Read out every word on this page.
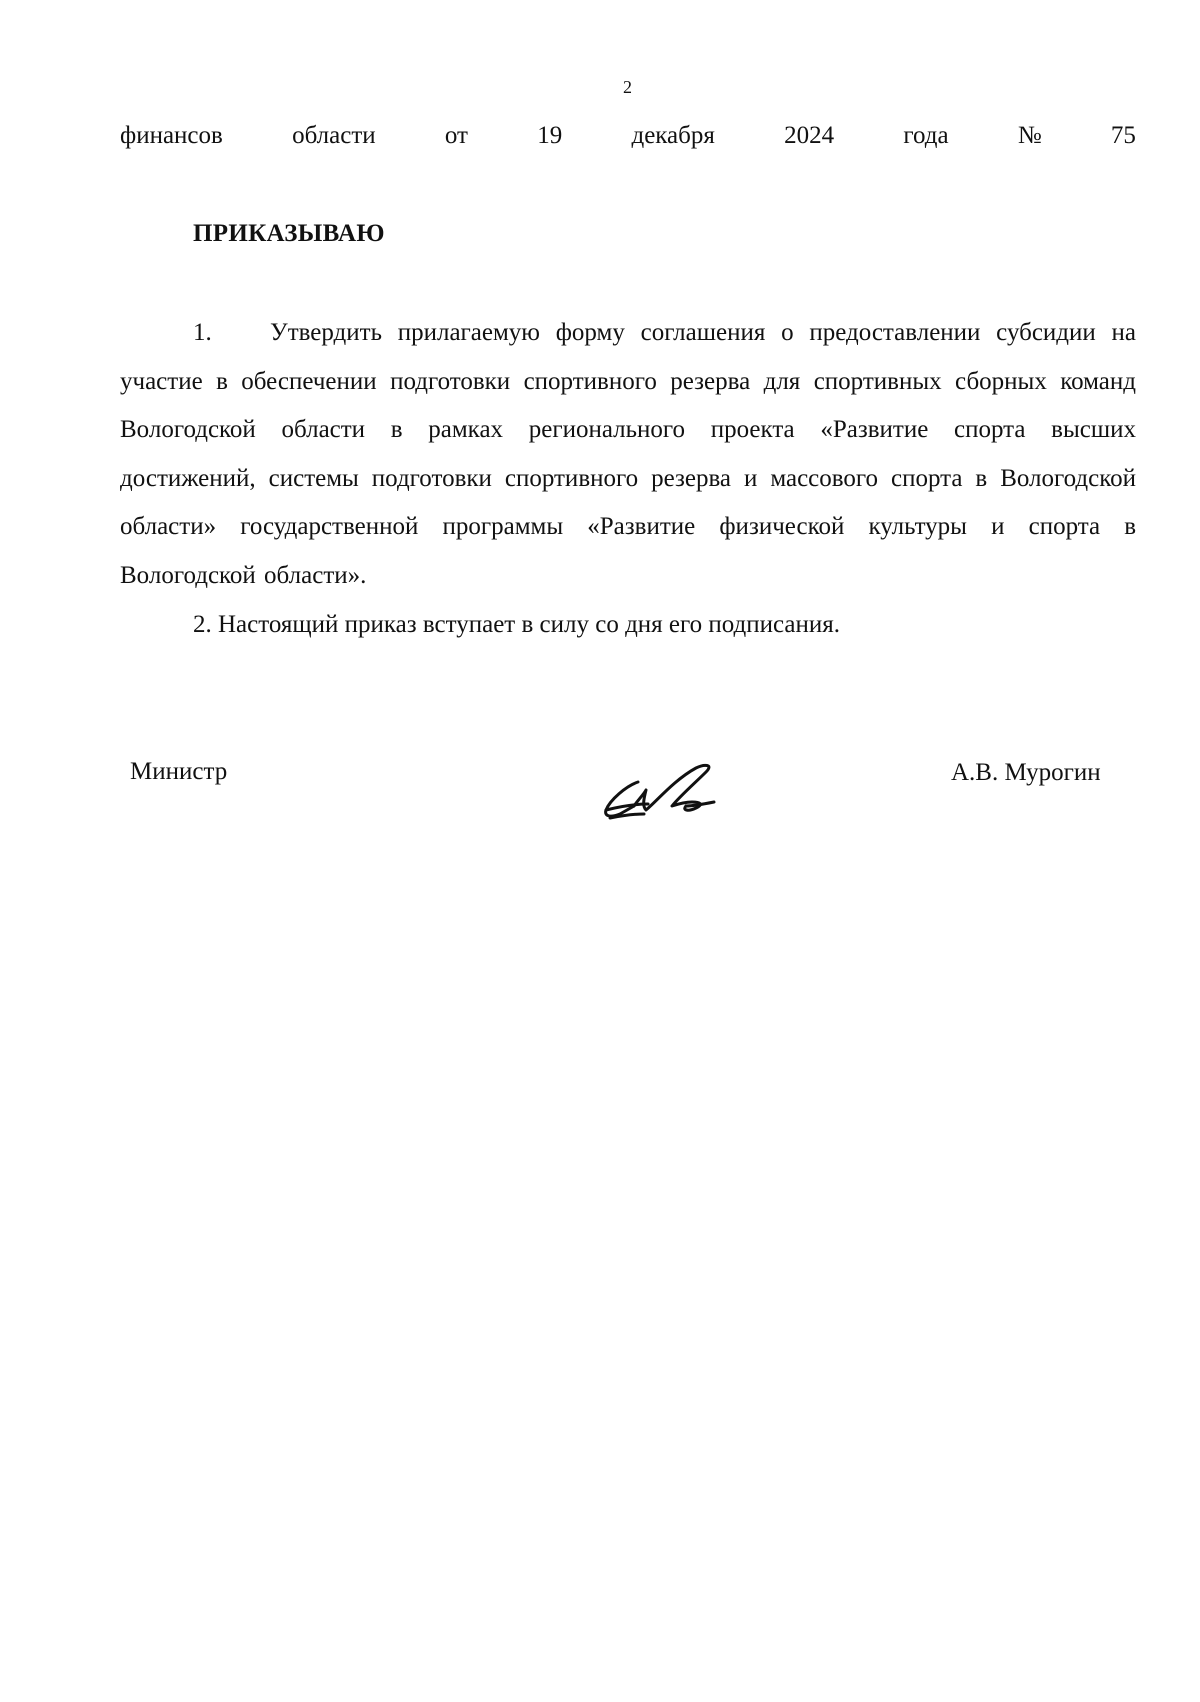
2
финансов	области	от	19	декабря	2024	года	№	75
ПРИКАЗЫВАЮ

1. Утвердить прилагаемую форму соглашения о предоставлении субсидии на участие в обеспечении подготовки спортивного резерва для спортивных сборных команд Вологодской области в рамках регионального проекта «Развитие спорта высших достижений, системы подготовки спортивного резерва и массового спорта в Вологодской области» государственной программы «Развитие физической культуры и спорта в Вологодской области».

2. Настоящий приказ вступает в силу со дня его подписания.

Министр	А.В. Мурогин
